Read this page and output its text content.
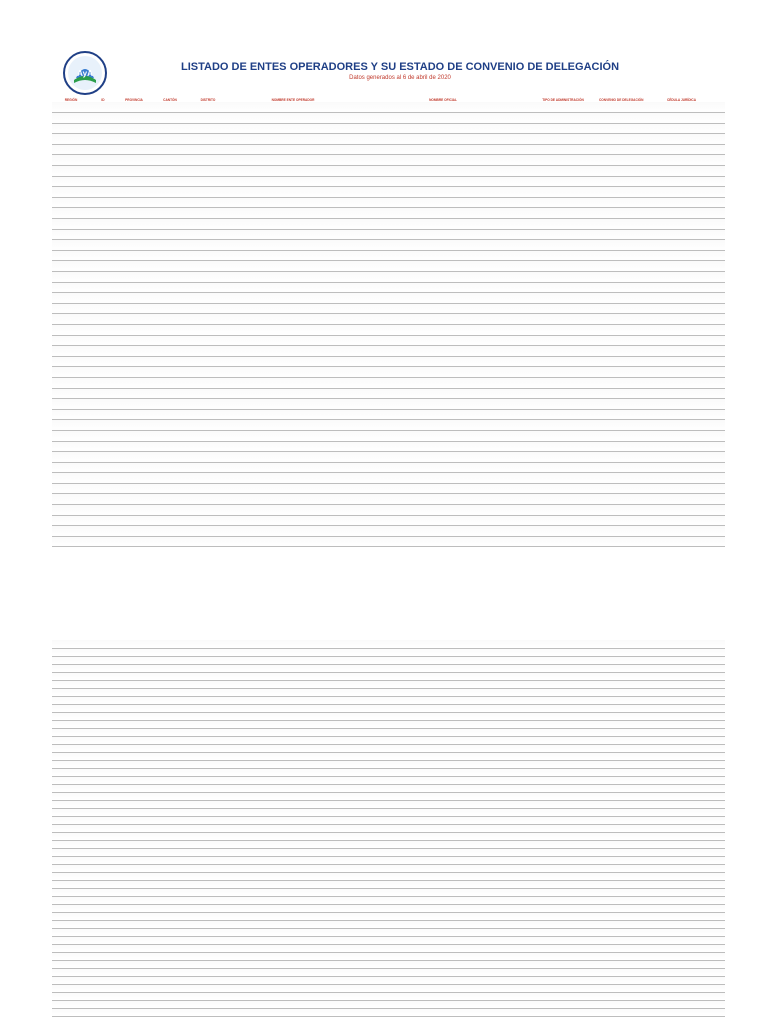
AyA
LISTADO DE ENTES OPERADORES Y SU ESTADO DE CONVENIO DE DELEGACIÓN
Datos generados al 6 de abril de 2020
REGIÓN	ID	PROVINCIA	CANTÓN	DISTRITO	NOMBRE ENTE OPERADOR	NOMBRE OFICIAL	TIPO DE ADMINISTRACIÓN	CONVENIO DE DELEGACIÓN	CÉDULA JURÍDICA
